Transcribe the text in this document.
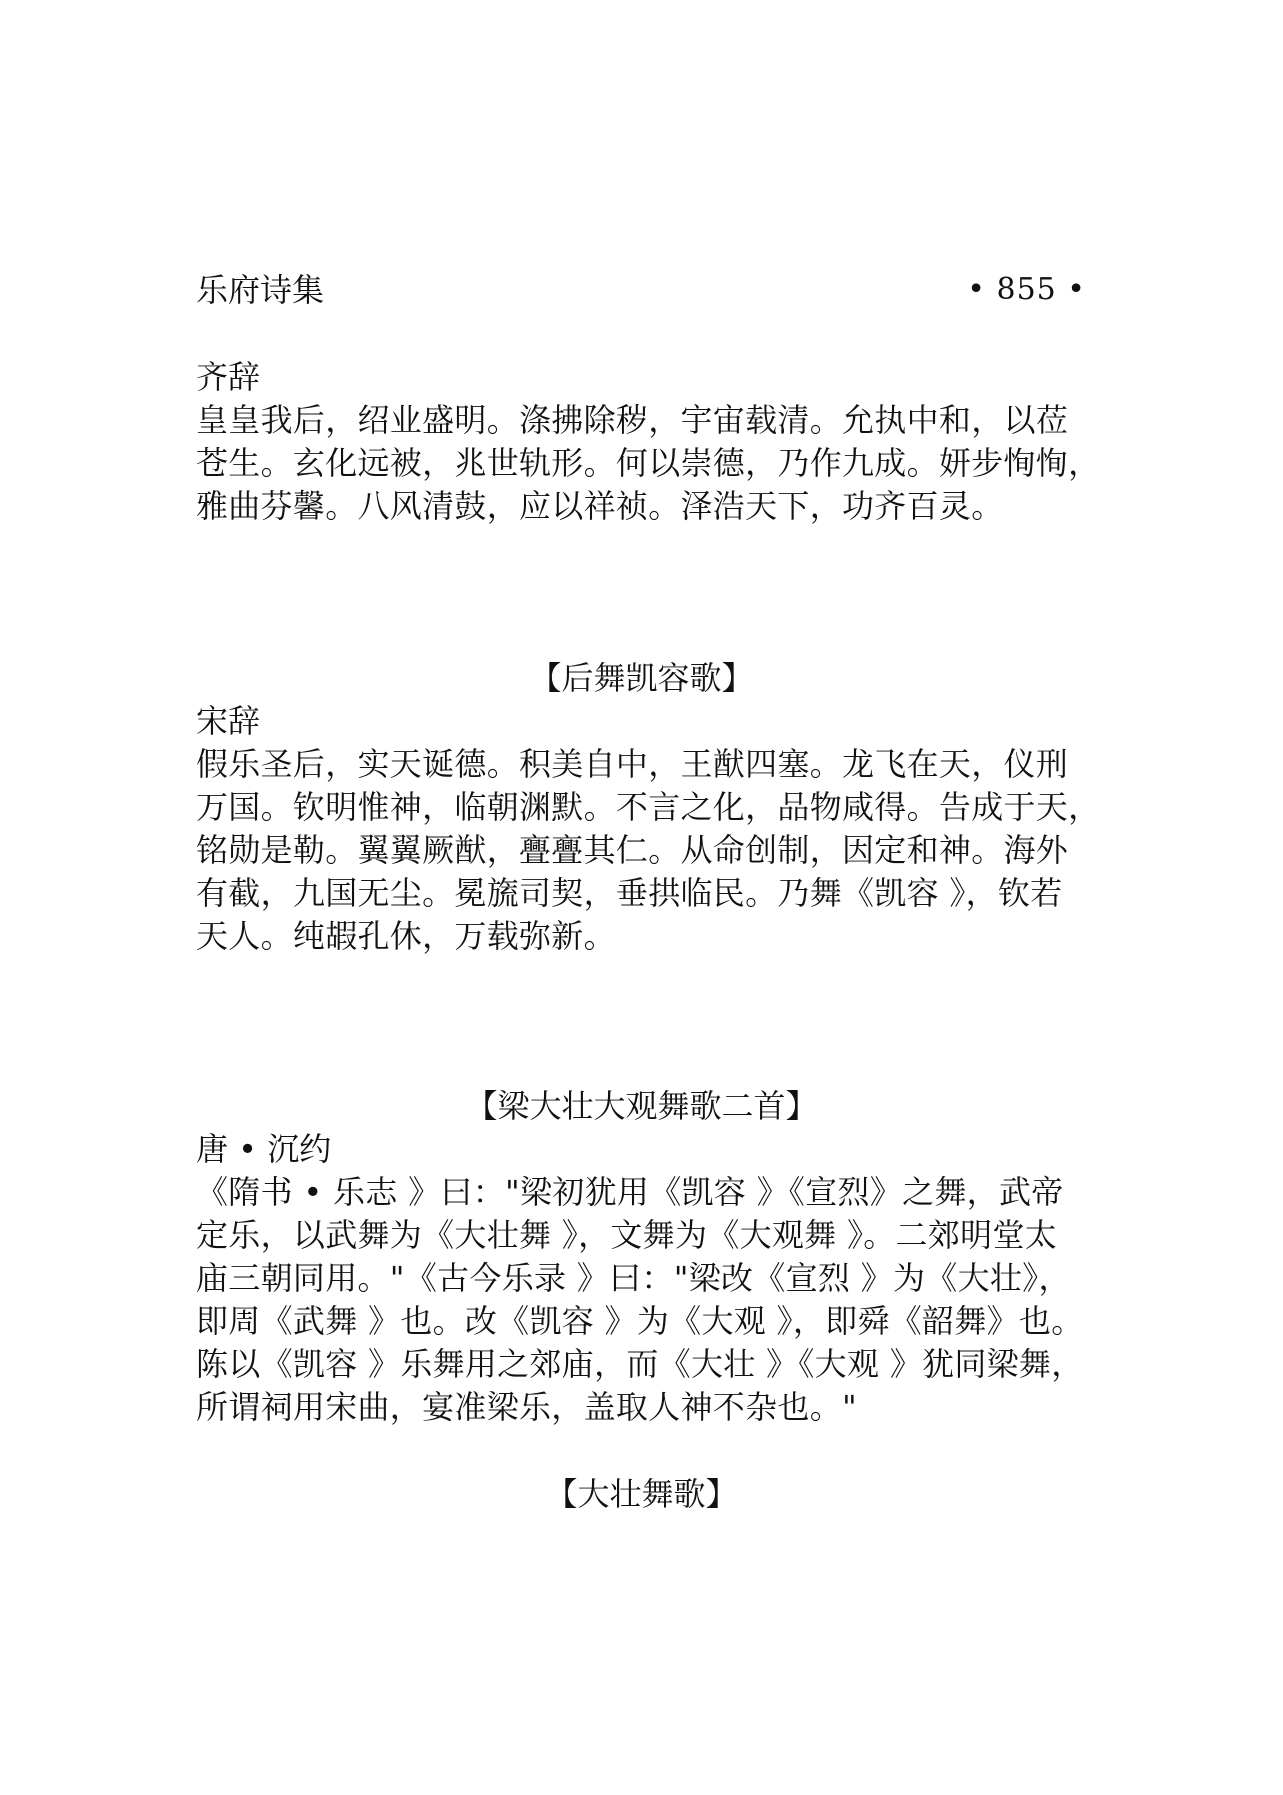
乐府诗集	• 855 •
齐辞
皇皇我后，绍业盛明。涤拂除秽，宇宙载清。允执中和，以莅
苍生。玄化远被，兆世轨形。何以崇德，乃作九成。妍步恂恂，
雅曲芬馨。八风清鼓，应以祥祯。泽浩天下，功齐百灵。
【后舞凯容歌】
宋辞
假乐圣后，实天诞德。积美自中，王猷四塞。龙飞在天，仪刑
万国。钦明惟神，临朝渊默。不言之化，品物咸得。告成于天，
铭勋是勒。翼翼厥猷，亹亹其仁。从命创制，因定和神。海外
有截，九国无尘。冕旒司契，垂拱临民。乃舞《凯容 》，钦若
天人。纯嘏孔休，万载弥新。
【梁大壮大观舞歌二首】
唐 • 沉约
《隋书 • 乐志 》曰："梁初犹用《凯容 》《宣烈》之舞，武帝
定乐，以武舞为《大壮舞 》，文舞为《大观舞 》。二郊明堂太
庙三朝同用。"《古今乐录 》曰："梁改《宣烈 》为《大壮》，
即周《武舞 》也。改《凯容 》为《大观 》，即舜《韶舞》也。
陈以《凯容 》乐舞用之郊庙，而《大壮 》《大观 》犹同梁舞，
所谓祠用宋曲，宴准梁乐，盖取人神不杂也。"
【大壮舞歌】
